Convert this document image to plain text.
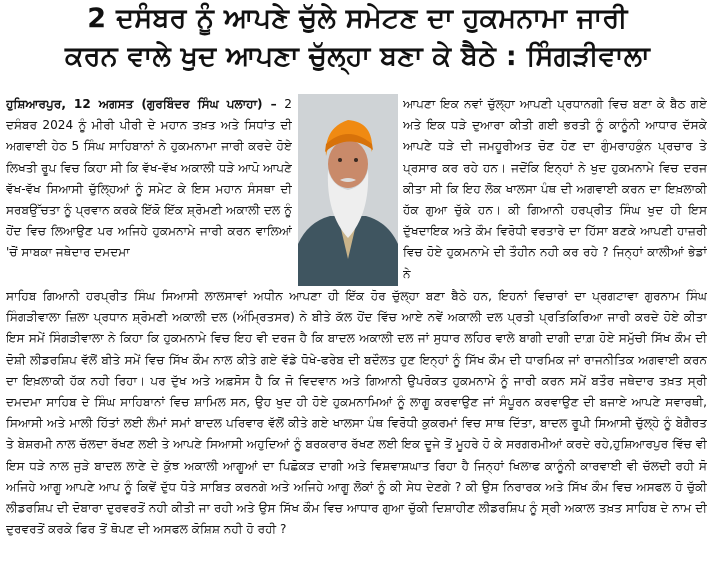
2 ਦਸੰਬਰ ਨੂੰ ਆਪਣੇ ਚੁੱਲੇ ਸਮੇਟਣ ਦਾ ਹੁਕਮਨਾਮਾ ਜਾਰੀ
ਕਰਨ ਵਾਲੇ ਖੁਦ ਆਪਣਾ ਚੁੱਲ੍ਹਾ ਬਣਾ ਕੇ ਬੈਠੇ : ਸਿੰਗੜੀਵਾਲਾ

ਹੁਸ਼ਿਆਰਪੁਰ, 12 ਅਗਸਤ (ਗੁਰਬਿੰਦਰ ਸਿੰਘ ਪਲਾਹਾ) – 2 ਦਸੰਬਰ 2024 ਨੂੰ ਮੀਰੀ ਪੀਰੀ ਦੇ ਮਹਾਨ ਤਖ਼ਤ ਅਤੇ ਸਿਧਾਂਤ ਦੀ ਅਗਵਾਈ ਹੇਠ 5 ਸਿੰਘ ਸਾਹਿਬਾਨਾਂ ਨੇ ਹੁਕਮਨਾਮਾ ਜਾਰੀ ਕਰਦੇ ਹੋਏ ਲਿਖਤੀ ਰੂਪ ਵਿਚ ਕਿਹਾ ਸੀ ਕਿ ਵੱਖ-ਵੱਖ ਅਕਾਲੀ ਧੜੇ ਆਪੋ ਆਪਣੇ ਵੱਖ-ਵੱਖ ਸਿਆਸੀ ਚੁੱਲ੍ਹਿਆਂ ਨੂੰ ਸਮੇਟ ਕੇ ਇਸ ਮਹਾਨ ਸੰਸਥਾ ਦੀ ਸਰਬਉੱਚਤਾ ਨੂੰ ਪ੍ਰਵਾਨ ਕਰਕੇ ਇੱਕੋ ਇੱਕ ਸ਼੍ਰੋਮਣੀ ਅਕਾਲੀ ਦਲ ਨੂੰ ਹੋਂਦ ਵਿਚ ਲਿਆਉਣ ਪਰ ਅਜਿਹੇ ਹੁਕਮਨਾਮੇ ਜਾਰੀ ਕਰਨ ਵਾਲਿਆਂ 'ਚੋਂ ਸਾਬਕਾ ਜਥੇਦਾਰ ਦਮਦਮਾ

ਆਪਣਾ ਇਕ ਨਵਾਂ ਚੁੱਲ੍ਹਾ ਆਪਣੀ ਪ੍ਰਧਾਨਗੀ ਵਿਚ ਬਣਾ ਕੇ ਬੈਠ ਗਏ ਅਤੇ ਇਕ ਧੜੇ ਦੁਆਰਾ ਕੀਤੀ ਗਈ ਭਰਤੀ ਨੂੰ ਕਾਨੂੰਨੀ ਆਧਾਰ ਦੱਸਕੇ ਆਪਣੇ ਧੜੇ ਦੀ ਜਮਹੂਰੀਅਤ ਚੋਣ ਹੋਣ ਦਾ ਗੁੰਮਰਾਹਕੁੰਨ ਪ੍ਰਚਾਰ ਤੇ ਪ੍ਰਸਾਰ ਕਰ ਰਹੇ ਹਨ। ਜਦੋਂਕਿ ਇਨ੍ਹਾਂ ਨੇ ਖੁਦ ਹੁਕਮਨਾਮੇ ਵਿਚ ਦਰਜ ਕੀਤਾ ਸੀ ਕਿ ਇਹ ਲੋਕ ਖਾਲਸਾ ਪੰਥ ਦੀ ਅਗਵਾਈ ਕਰਨ ਦਾ ਇਖ਼ਲਾਕੀ ਹੱਕ ਗੁਆ ਚੁੱਕੇ ਹਨ। ਕੀ ਗਿਆਨੀ ਹਰਪ੍ਰੀਤ ਸਿੰਘ ਖੁਦ ਹੀ ਇਸ ਦੁੱਖਦਾਇਕ ਅਤੇ ਕੌਮ ਵਿਰੋਧੀ ਵਰਤਾਰੇ ਦਾ ਹਿੱਸਾ ਬਣਕੇ ਆਪਣੀ ਹਾਜ਼ਰੀ ਵਿਚ ਹੋਏ ਹੁਕਮਨਾਮੇ ਦੀ ਤੌਹੀਨ ਨਹੀ ਕਰ ਰਹੇ ? ਜਿਨ੍ਹਾਂ ਕਾਲੀਆਂ ਭੇਡਾਂ ਨੇ

ਸਾਹਿਬ ਗਿਆਨੀ ਹਰਪ੍ਰੀਤ ਸਿੰਘ ਸਿਆਸੀ ਲਾਲਸਾਵਾਂ ਅਧੀਨ ਆਪਣਾ ਹੀ ਇੱਕ ਹੋਰ ਚੁੱਲ੍ਹਾ ਬਣਾ ਬੈਠੇ ਹਨ, ਇਹਨਾਂ ਵਿਚਾਰਾਂ ਦਾ ਪ੍ਰਗਟਾਵਾ ਗੁਰਨਾਮ ਸਿੰਘ ਸਿੰਗੜੀਵਾਲਾ ਜ਼ਿਲਾ ਪ੍ਰਧਾਨ ਸ਼੍ਰੋਮਣੀ ਅਕਾਲੀ ਦਲ (ਅੰਮ੍ਰਿਤਸਰ) ਨੇ ਬੀਤੇ ਕੱਲ ਹੋਂਦ ਵਿੱਚ ਆਏ ਨਵੇਂ ਅਕਾਲੀ ਦਲ ਪ੍ਰਤੀ ਪ੍ਰਤਿਕਿਰਿਆ ਜਾਰੀ ਕਰਦੇ ਹੋਏ ਕੀਤਾ ਇਸ ਸਮੇਂ ਸਿੰਗੜੀਵਾਲਾ ਨੇ ਕਿਹਾ ਕਿ ਹੁਕਮਨਾਮੇ ਵਿਚ ਇਹ ਵੀ ਦਰਜ ਹੈ ਕਿ ਬਾਦਲ ਅਕਾਲੀ ਦਲ ਜਾਂ ਸੁਧਾਰ ਲਹਿਰ ਵਾਲੇ ਬਾਗੀ ਦਾਗੀ ਦਾਗ਼ ਹੋਏ ਸਮੁੱਚੀ ਸਿੱਖ ਕੌਮ ਦੀ ਦੋਸ਼ੀ ਲੀਡਰਸ਼ਿਪ ਵੱਲੋਂ ਬੀਤੇ ਸਮੇਂ ਵਿਚ ਸਿੱਖ ਕੌਮ ਨਾਲ ਕੀਤੇ ਗਏ ਵੱਡੇ ਧੋਖੇ-ਫਰੇਬ ਦੀ ਬਦੌਲਤ ਹੁਣ ਇਨ੍ਹਾਂ ਨੂੰ ਸਿੱਖ ਕੌਮ ਦੀ ਧਾਰਮਿਕ ਜਾਂ ਰਾਜਨੀਤਿਕ ਅਗਵਾਈ ਕਰਨ ਦਾ ਇਖ਼ਲਾਕੀ ਹੱਕ ਨਹੀ ਰਿਹਾ। ਪਰ ਦੁੱਖ ਅਤੇ ਅਫ਼ਸੋਸ ਹੈ ਕਿ ਜੋ ਵਿਦਵਾਨ ਅਤੇ ਗਿਆਨੀ ਉਪਰੋਕਤ ਹੁਕਮਨਾਮੇ ਨੂੰ ਜਾਰੀ ਕਰਨ ਸਮੇਂ ਬਤੌਰ ਜਥੇਦਾਰ ਤਖ਼ਤ ਸ੍ਰੀ ਦਮਦਮਾ ਸਾਹਿਬ ਦੇ ਸਿੰਘ ਸਾਹਿਬਾਨਾਂ ਵਿਚ ਸ਼ਾਮਿਲ ਸਨ, ਉਹ ਖੁਦ ਹੀ ਹੋਏ ਹੁਕਮਨਾਮਿਆਂ ਨੂੰ ਲਾਗੂ ਕਰਵਾਉਣ ਜਾਂ ਸੰਪੂਰਨ ਕਰਵਾਉਣ ਦੀ ਬਜਾਏ ਆਪਣੇ ਸਵਾਰਥੀ, ਸਿਆਸੀ ਅਤੇ ਮਾਲੀ ਹਿੱਤਾਂ ਲਈ ਲੰਮਾਂ ਸਮਾਂ ਬਾਦਲ ਪਰਿਵਾਰ ਵੱਲੋਂ ਕੀਤੇ ਗਏ ਖਾਲਸਾ ਪੰਥ ਵਿਰੋਧੀ ਕੁਕਰਮਾਂ ਵਿਚ ਸਾਥ ਦਿੱਤਾ, ਬਾਦਲ ਰੂਪੀ ਸਿਆਸੀ ਚੁੱਲ੍ਹੇ ਨੂੰ ਬੇਗੈਰਤ ਤੇ ਬੇਸ਼ਰਮੀ ਨਾਲ ਚੱਲਦਾ ਰੱਖਣ ਲਈ ਤੇ ਆਪਣੇ ਸਿਆਸੀ ਅਹੁਦਿਆਂ ਨੂੰ ਬਰਕਰਾਰ ਰੱਖਣ ਲਈ ਇਕ ਦੂਜੇ ਤੋਂ ਮੂਹਰੇ ਹੋ ਕੇ ਸਰਗਰਮੀਆਂ ਕਰਦੇ ਰਹੇ,ਹੁਸ਼ਿਆਰਪੁਰ ਵਿੱਚ ਵੀ ਇਸ ਧੜੇ ਨਾਲ ਜੁੜੇ ਬਾਦਲ ਲਾਣੇ ਦੇ ਕੁੱਝ ਅਕਾਲੀ ਆਗੂਆਂ ਦਾ ਪਿਛੋਕੜ ਦਾਗੀ ਅਤੇ ਵਿਸ਼ਵਾਸ਼ਘਾਤ ਰਿਹਾ ਹੈ ਜਿਨ੍ਹਾਂ ਖਿਲਾਫ ਕਾਨੂੰਨੀ ਕਾਰਵਾਈ ਵੀ ਚੱਲਦੀ ਰਹੀ ਸੋ ਅਜਿਹੇ ਆਗੂ ਆਪਣੇ ਆਪ ਨੂੰ ਕਿਵੇਂ ਦੁੱਧ ਧੋਤੇ ਸਾਬਿਤ ਕਰਨਗੇ ਅਤੇ ਅਜਿਹੇ ਆਗੂ ਲੋਕਾਂ ਨੂੰ ਕੀ ਸੇਧ ਦੇਣਗੇ ? ਕੀ ਉਸ ਨਿਰਾਰਕ ਅਤੇ ਸਿੱਖ ਕੌਮ ਵਿਚ ਅਸਫਲ ਹੋ ਚੁੱਕੀ ਲੀਡਰਸ਼ਿਪ ਦੀ ਦੋਬਾਰਾ ਦੁਰਵਰਤੋਂ ਨਹੀ ਕੀਤੀ ਜਾ ਰਹੀ ਅਤੇ ਉਸ ਸਿੱਖ ਕੌਮ ਵਿਚ ਆਧਾਰ ਗੁਆ ਚੁੱਕੀ ਦਿਸ਼ਾਹੀਣ ਲੀਡਰਸ਼ਿਪ ਨੂੰ ਸ੍ਰੀ ਅਕਾਲ ਤਖ਼ਤ ਸਾਹਿਬ ਦੇ ਨਾਮ ਦੀ ਦੁਰਵਰਤੋਂ ਕਰਕੇ ਫਿਰ ਤੋਂ ਥੋਪਣ ਦੀ ਅਸਫਲ ਕੋਸ਼ਿਸ਼ ਨਹੀ ਹੋ ਰਹੀ ?
